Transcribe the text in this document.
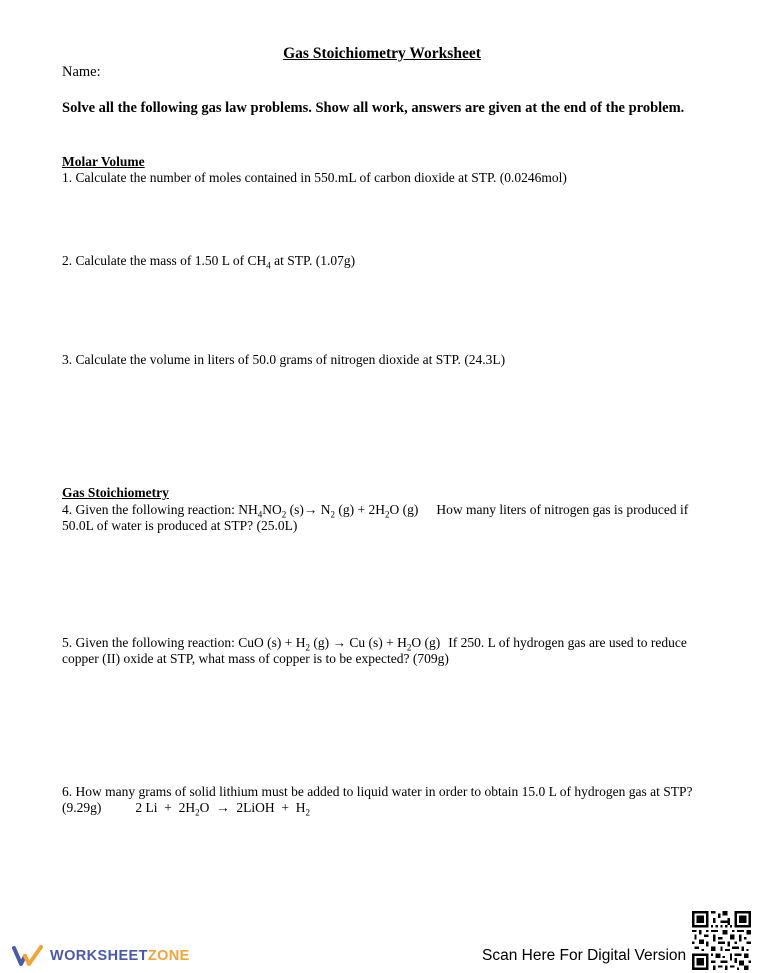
Gas Stoichiometry Worksheet
Name:
Solve all the following gas law problems. Show all work, answers are given at the end of the problem.
Molar Volume
1. Calculate the number of moles contained in 550.mL of carbon dioxide at STP. (0.0246mol)
2. Calculate the mass of 1.50 L of $CH_4$ at STP. (1.07g)
3. Calculate the volume in liters of 50.0 grams of nitrogen dioxide at STP. (24.3L)
Gas Stoichiometry
4. Given the following reaction: $NH_4NO_2$ $(s)\to N_2$ $(g) + 2H_2O$ (g) How many liters of nitrogen gas is produced if 50.0L of water is produced at STP? (25.0L)
5. Given the following reaction: CuO $(s) + H_2$ (g) → Cu $(s) + H_2O$ (g) If 250. L of hydrogen gas are used to reduce copper (II) oxide at STP, what mass of copper is to be expected? (709g)
6. How many grams of solid lithium must be added to liquid water in order to obtain 15.0 L of hydrogen gas at STP? (9.29g)	2 $Li + 2H_2O$  →  2LiOH  +  $H_2$
WORKSHEETZONE	Scan Here For Digital Version
